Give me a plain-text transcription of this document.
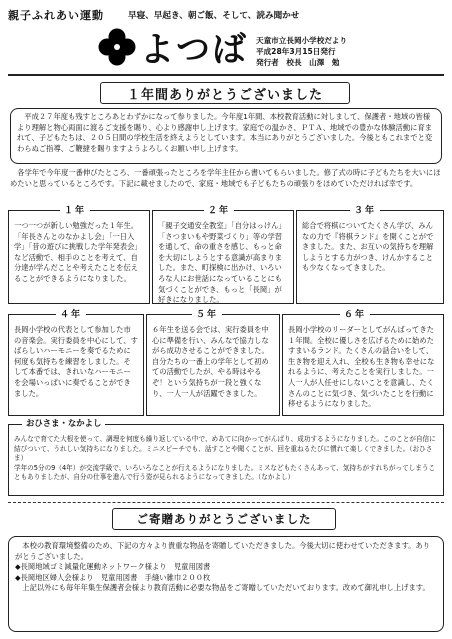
親子ふれあい運動	早寝、早起き、朝ご飯、そして、読み聞かせ
よつば 天童市立長岡小学校だより
平成28年3月15日発行
発行者　校長　山澤　勉
１年間ありがとうございました
　平成２７年度も残すところあとわずかになって参りました。今年度1年間、本校教育活動に対しまして、保護者・地域の皆様より理解と物心両面に渡るご支援を賜り、心より感謝申し上げます。家庭での温かさ、ＰＴＡ、地域での豊かな体験活動に育まれて、子どもたちは、２０５日間の学校生活を終えようとしています。本当にありがとうございました。今後ともこれまでと変わらぬご指導、ご鞭撻を賜りますようよろしくお願い申し上げます。
　各学年で今年度一番伸びたところ、一番頑張ったところを学年主任から書いてもらいました。修了式の時に子どもたちを大いにほめたいと思っているところです。下記に載せましたので、家庭・地域でも子どもたちの頑張りをほめていただければ幸です。
一つ一つが新しい勉強だった１年生。「年長さんとのなかよし会」「一日入学」「昔の遊びに挑戦した学年発表会」など活動で、相手のことを考えて、自分達が学んだことや考えたことを伝えることができるようになりました。
１年
「親子交通安全教室」「自分はっけん」「さつまいもや野菜づくり」等の学習を通して、命の重さを感じ、もっと命を大切にしようとする意識が高まりました。また、町探検に出かけ、いろいろな人にお世話になっていることにも気づくことができ、もっと「長岡」が好きになりました。
２年
総合で将棋についてたくさん学び、みんなの力で『将棋ランド』を開くことができました。また、お互いの気持ちを理解しようとする力がつき、けんかすることも少なくなってきました。
３年
長岡小学校の代表として参加した市の音楽会。実行委員を中心にして、すばらしいハーモニーを奏でるために何度も気持ちを練習をしました。そして本番では、きれいなハーモニーを会場いっぱいに奏でることができました。
４年
６年生を送る会では、実行委員を中心に準備を行い、みんなで協力しながら成功させることができました。自分たちの一番上の学年として初めての活動でしたが、やる時はやるぞ！という気持ちが一段と強くなり、一人一人が活躍できました。
５年
長岡小学校のリーダーとしてがんばってきた１年間。全校に優しさを広げるために始めたすまいるランド。たくさんの話合いをして、生き物を迎え入れ、全校も生き物も幸せになれるように、考えたことを実行しました。一人一人が人任せにしないことを意識し、たくさんのことに気づき、気づいたことを行動に移せるようになりました。
６年
みんなで育てた大根を使って、調理を何度も繰り返している中で、めあてに向かってがんばり、成功するようになりました。このことが自信に結びついて、うれしい気持ちになりました。ミニスピーチでも、話すことや聞くことが、回を重ねるたびに慣れて楽しくできました。（おひさま）
学年の5分の9（4年）が交流学級で、いろいろなことが行えるようになりました。ミスなどもたくさんあって、気持ちがすれちがってしまうこともありましたが、自分の仕事を進んで行う姿が見られるようになってきました。（なかよし）
おひさま・なかよし
ご寄贈ありがとうございました
　本校の教育環境整備のため、下記の方々より貴重な物品を寄贈していただきました。今後大切に使わせていただきます。ありがとうございました。
◆長岡地域ゴミ減量化運動ネットワーク様より　児童用図書
◆長岡地区婦人会様より　児童用図書　手縫い雑巾２００枚
　上記以外にも毎年年集生保護者会様より教育活動に必要な物品をご寄贈していただいております。改めて御礼申し上げます。
